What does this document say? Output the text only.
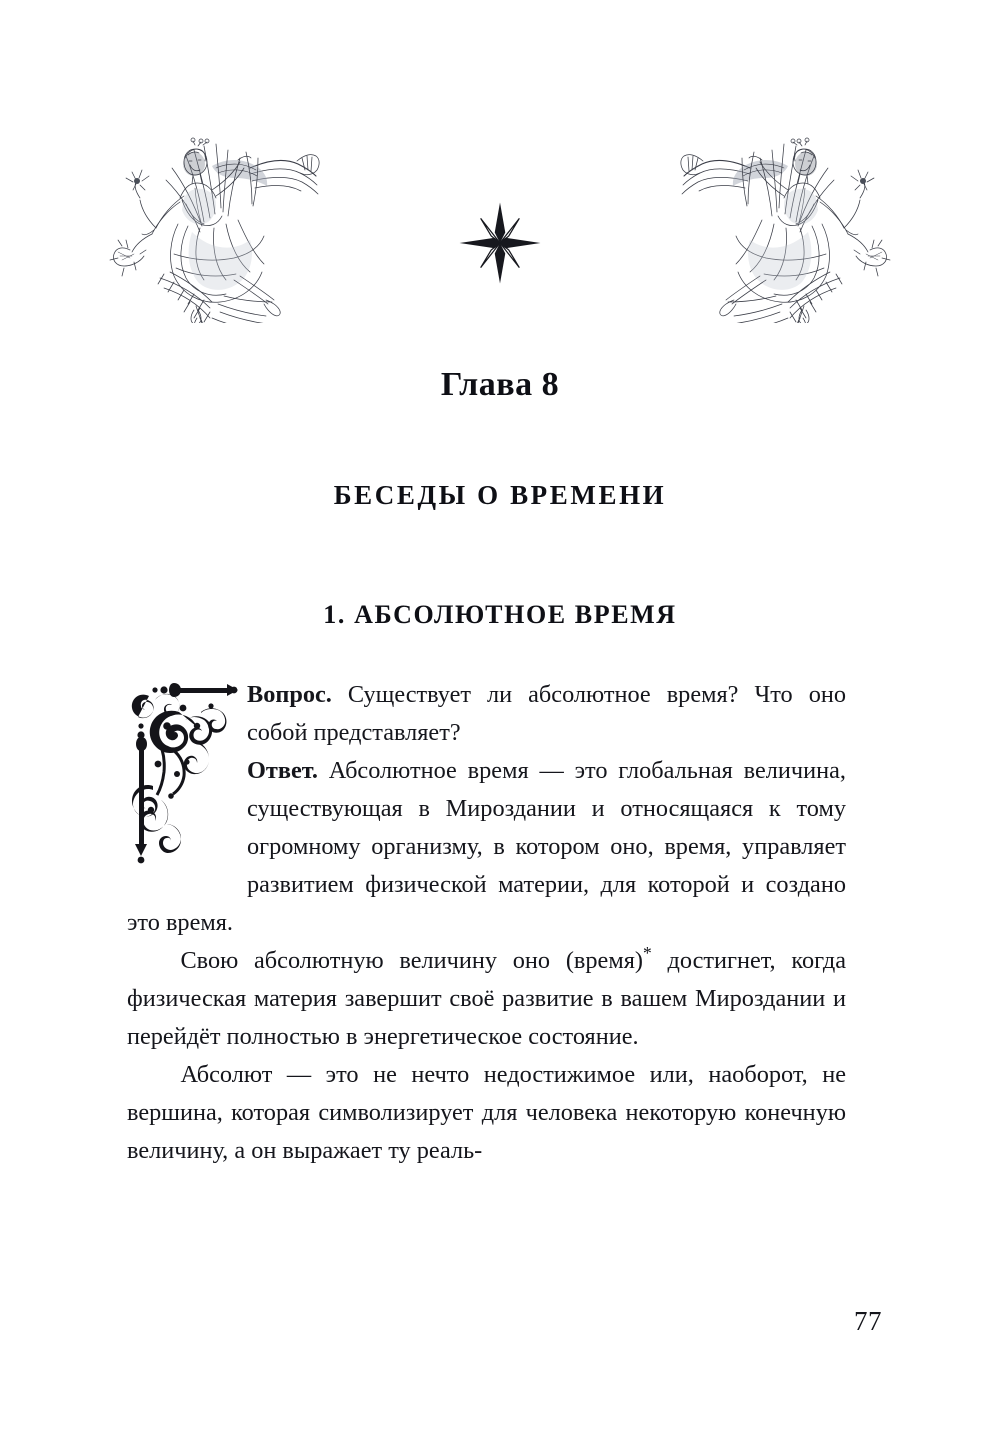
Глава 8
БЕСЕДЫ О ВРЕМЕНИ
1. АБСОЛЮТНОЕ ВРЕМЯ

Вопрос. Существует ли абсолютное время? Что оно собой представляет?

Ответ. Абсолютное время — это глобальная величина, существующая в Мироздании и относящаяся к тому огромному организму, в котором оно, время, управляет развитием физической материи, для которой и создано это время.

Свою абсолютную величину оно (время)* достигнет, когда физическая материя завершит своё развитие в вашем Мироздании и перейдёт полностью в энергетическое состояние.

Абсолют — это не нечто недостижимое или, наоборот, не вершина, которая символизирует для человека некоторую конечную величину, а он выражает ту реаль-

77
